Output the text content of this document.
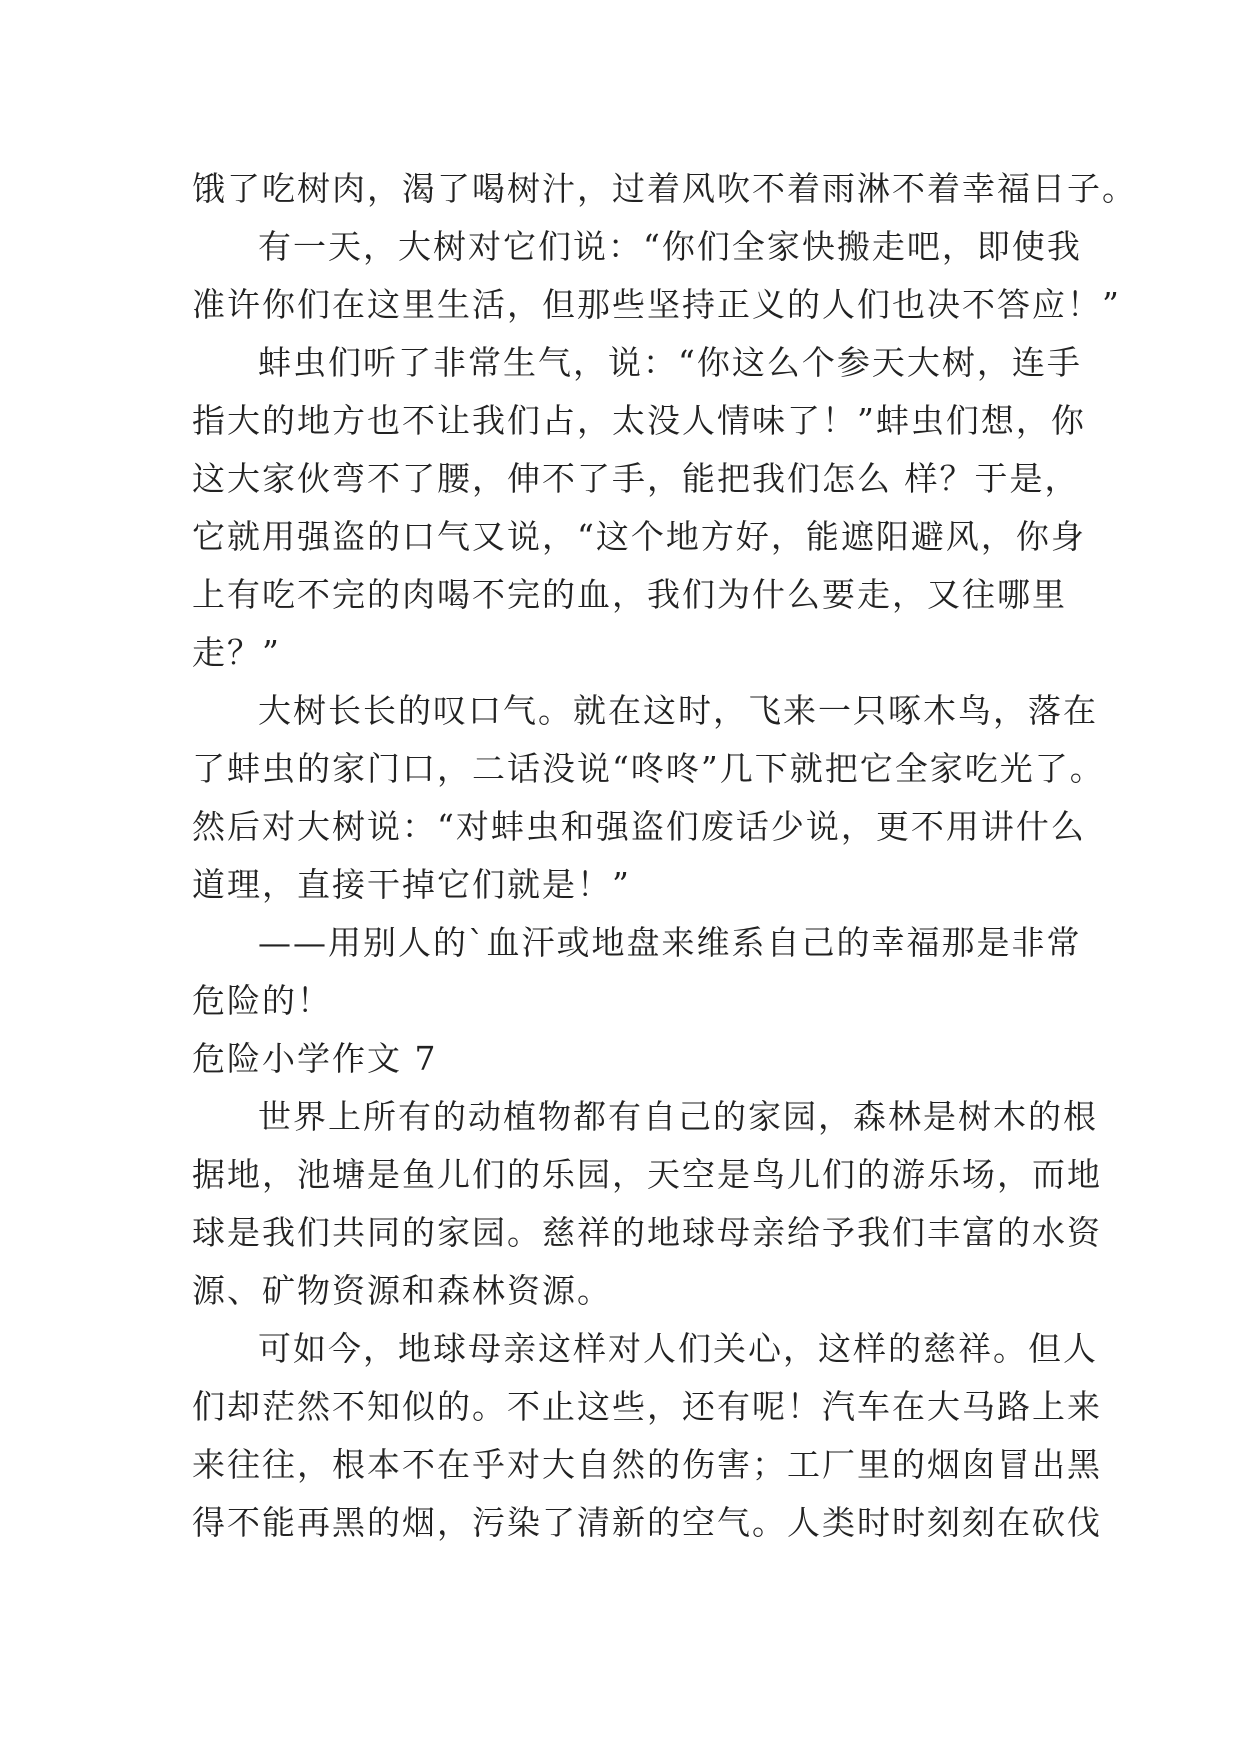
饿了吃树肉，渴了喝树汁，过着风吹不着雨淋不着幸福日子。
有一天，大树对它们说：“你们全家快搬走吧，即使我
准许你们在这里生活，但那些坚持正义的人们也决不答应！”
蚌虫们听了非常生气，说：“你这么个参天大树，连手
指大的地方也不让我们占，太没人情味了！”蚌虫们想，你
这大家伙弯不了腰，伸不了手，能把我们怎么 样？于是，
它就用强盗的口气又说，“这个地方好，能遮阳避风，你身
上有吃不完的肉喝不完的血，我们为什么要走，又往哪里
走？”
大树长长的叹口气。就在这时，飞来一只啄木鸟，落在
了蚌虫的家门口，二话没说“咚咚”几下就把它全家吃光了。
然后对大树说：“对蚌虫和强盗们废话少说，更不用讲什么
道理，直接干掉它们就是！”
——用别人的`血汗或地盘来维系自己的幸福那是非常
危险的！
危险小学作文 7
世界上所有的动植物都有自己的家园，森林是树木的根
据地，池塘是鱼儿们的乐园，天空是鸟儿们的游乐场，而地
球是我们共同的家园。慈祥的地球母亲给予我们丰富的水资
源、矿物资源和森林资源。
可如今，地球母亲这样对人们关心，这样的慈祥。但人
们却茫然不知似的。不止这些，还有呢！汽车在大马路上来
来往往，根本不在乎对大自然的伤害；工厂里的烟囱冒出黑
得不能再黑的烟，污染了清新的空气。人类时时刻刻在砍伐
